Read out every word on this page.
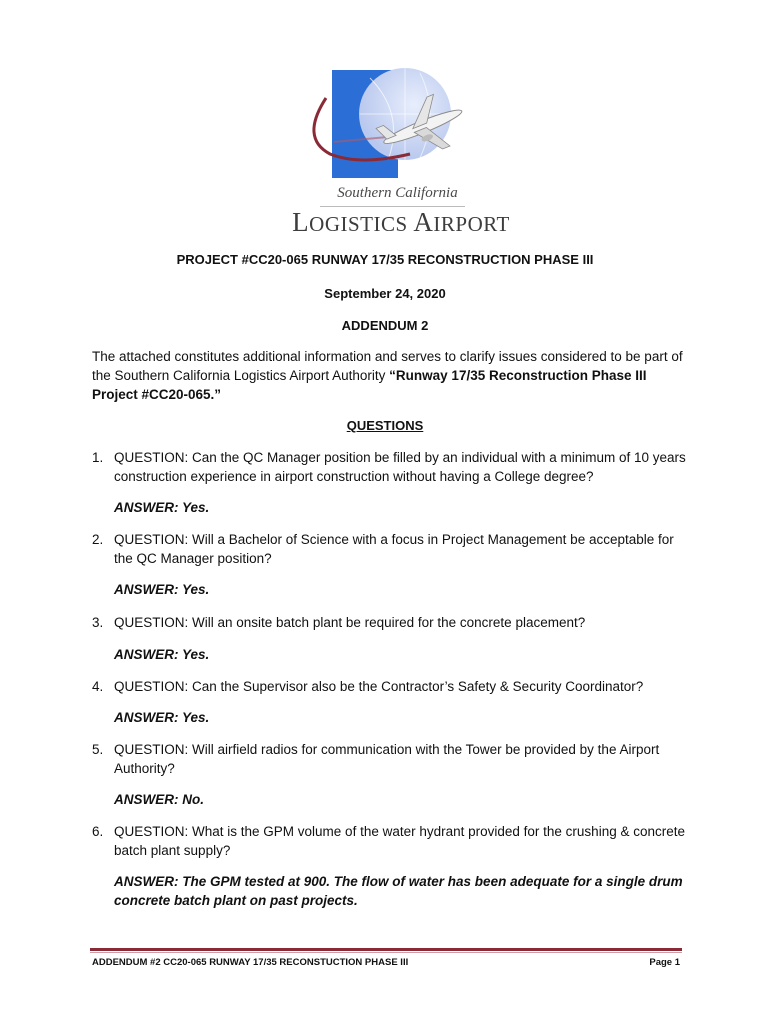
Southern California
LOGISTICS AIRPORT
PROJECT #CC20-065 RUNWAY 17/35 RECONSTRUCTION PHASE III
September 24, 2020
ADDENDUM 2
The attached constitutes additional information and serves to clarify issues considered to be part of the Southern California Logistics Airport Authority “Runway 17/35 Reconstruction Phase III Project #CC20-065.”
QUESTIONS
1. QUESTION: Can the QC Manager position be filled by an individual with a minimum of 10 years construction experience in airport construction without having a College degree?
ANSWER: Yes.
2. QUESTION: Will a Bachelor of Science with a focus in Project Management be acceptable for the QC Manager position?
ANSWER: Yes.
3. QUESTION: Will an onsite batch plant be required for the concrete placement?
ANSWER: Yes.
4. QUESTION: Can the Supervisor also be the Contractor’s Safety & Security Coordinator?
ANSWER: Yes.
5. QUESTION: Will airfield radios for communication with the Tower be provided by the Airport Authority?
ANSWER: No.
6. QUESTION: What is the GPM volume of the water hydrant provided for the crushing & concrete batch plant supply?
ANSWER: The GPM tested at 900. The flow of water has been adequate for a single drum concrete batch plant on past projects.
ADDENDUM #2 CC20-065 RUNWAY 17/35 RECONSTUCTION PHASE III	Page 1
